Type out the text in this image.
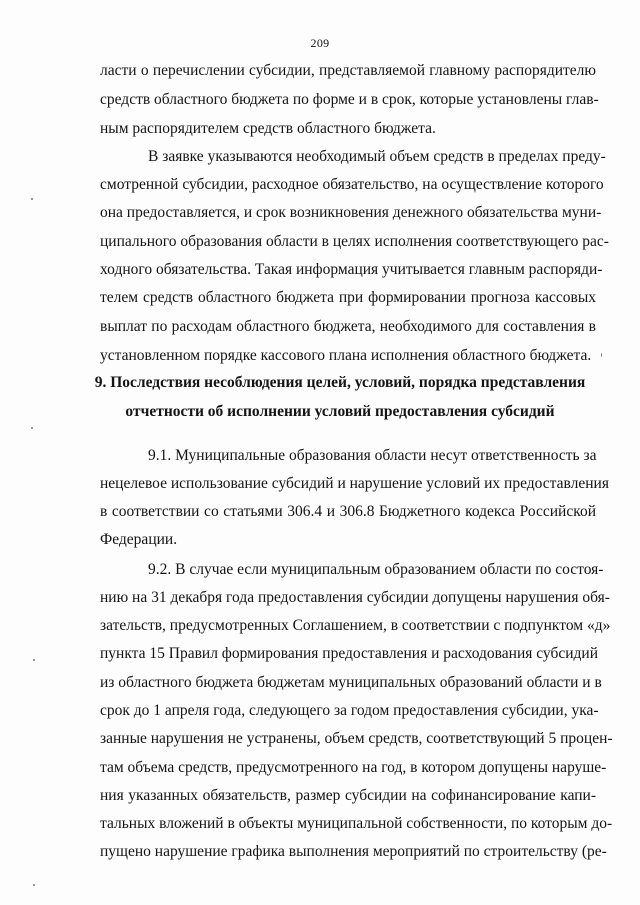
209
ласти о перечислении субсидии, представляемой главному распорядителю
средств областного бюджета по форме и в срок, которые установлены глав-
ным распорядителем средств областного бюджета.
В заявке указываются необходимый объем средств в пределах преду-
смотренной субсидии, расходное обязательство, на осуществление которого
она предоставляется, и срок возникновения денежного обязательства муни-
ципального образования области в целях исполнения соответствующего рас-
ходного обязательства. Такая информация учитывается главным распоряди-
телем средств областного бюджета при формировании прогноза кассовых
выплат по расходам областного бюджета, необходимого для составления в
установленном порядке кассового плана исполнения областного бюджета.
9. Последствия несоблюдения целей, условий, порядка представления
отчетности об исполнении условий предоставления субсидий
9.1. Муниципальные образования области несут ответственность за
нецелевое использование субсидий и нарушение условий их предоставления
в соответствии со статьями 306.4 и 306.8 Бюджетного кодекса Российской
Федерации.
9.2. В случае если муниципальным образованием области по состоя-
нию на 31 декабря года предоставления субсидии допущены нарушения обя-
зательств, предусмотренных Соглашением, в соответствии с подпунктом «д»
пункта 15 Правил формирования предоставления и расходования субсидий
из областного бюджета бюджетам муниципальных образований области и в
срок до 1 апреля года, следующего за годом предоставления субсидии, ука-
занные нарушения не устранены, объем средств, соответствующий 5 процен-
там объема средств, предусмотренного на год, в котором допущены наруше-
ния указанных обязательств, размер субсидии на софинансирование капи-
тальных вложений в объекты муниципальной собственности, по которым до-
пущено нарушение графика выполнения мероприятий по строительству (ре-
